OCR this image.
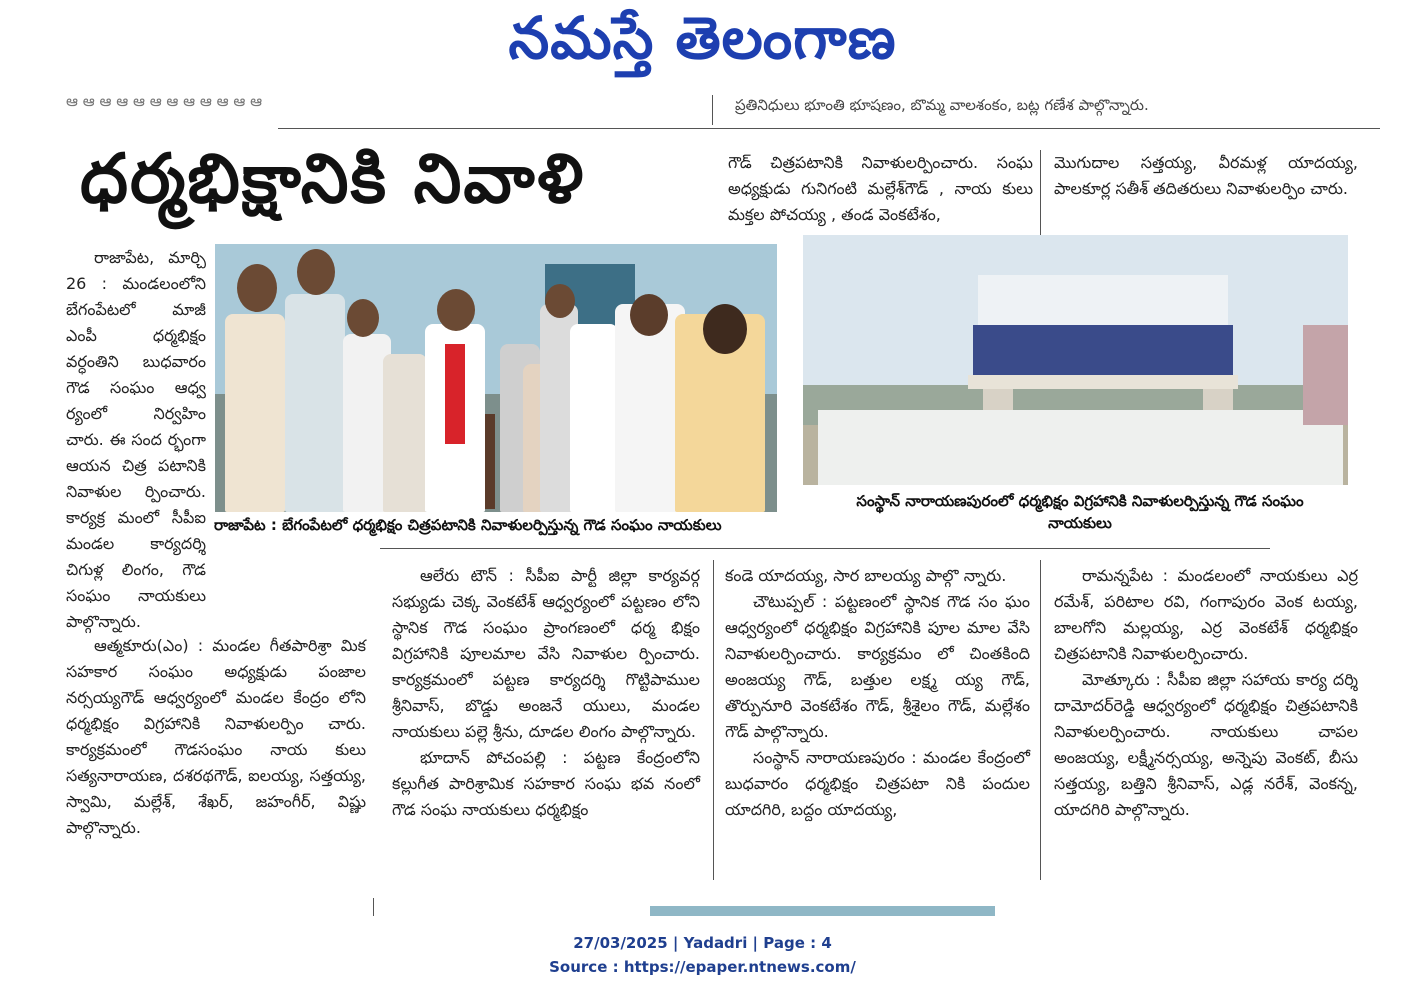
నమస్తే తెలంగాణ
ఆ ఆ ఆ ఆ ఆ ఆ ఆ ఆ ఆ ఆ ఆ ఆ	ప్రతినిధులు భూంతి భూషణం, బొమ్మ వాలశంకం, బట్ల గణేశ పాల్గొన్నారు.
ధర్మభిక్షానికి నివాళి	గౌడ్ చిత్రపటానికి నివాళులర్పించారు. సంఘ అధ్యక్షుడు గునిగంటి మల్లేశ్‌గౌడ్ , నాయ కులు మక్తల పోచయ్య , తండ వెంకటేశం,
మొగుదాల సత్తయ్య, వీరమళ్ల యాదయ్య, పాలకూర్ల సతీశ్ తదితరులు నివాళులర్పిం చారు.

రాజాపేట, మార్చి 26 : మండలంలోని బేగంపేటలో మాజీ ఎంపీ ధర్మభిక్షం వర్ధంతిని బుధవారం గౌడ సంఘం ఆధ్వ ర్యంలో నిర్వహిం చారు. ఈ సంద ర్భంగా ఆయన చిత్ర పటానికి నివాళుల ర్పించారు. కార్యక్ర మంలో సీపీఐ మండల కార్యదర్శి చిగుళ్ల లింగం, గౌడ సంఘం నాయకులు పాల్గొన్నారు.

ఆత్మకూరు(ఎం) : మండల గీతపారిశ్రా మిక సహకార సంఘం అధ్యక్షుడు పంజాల నర్సయ్యగౌడ్ ఆధ్వర్యంలో మండల కేంద్రం లోని ధర్మభిక్షం విగ్రహానికి నివాళులర్పిం చారు. కార్యక్రమంలో గౌడసంఘం నాయ కులు సత్యనారాయణ, దశరథగౌడ్, ఐలయ్య, సత్తయ్య, స్వామి, మల్లేశ్, శేఖర్, జహంగీర్, విష్ణు పాల్గొన్నారు.

రాజాపేట : బేగంపేటలో ధర్మభిక్షం చిత్రపటానికి నివాళులర్పిస్తున్న గౌడ సంఘం నాయకులు
సంస్థాన్ నారాయణపురంలో ధర్మభిక్షం విగ్రహానికి నివాళులర్పిస్తున్న గౌడ సంఘం నాయకులు

ఆలేరు టౌన్ : సీపీఐ పార్టీ జిల్లా కార్యవర్గ సభ్యుడు చెక్క వెంకటేశ్ ఆధ్వర్యంలో పట్టణం లోని స్థానిక గౌడ సంఘం ప్రాంగణంలో ధర్మ భిక్షం విగ్రహానికి పూలమాల వేసి నివాళుల ర్పించారు. కార్యక్రమంలో పట్టణ కార్యదర్శి గొట్టిపాముల శ్రీనివాస్, బొడ్డు అంజనే యులు, మండల నాయకులు పల్లె శ్రీను, దూడల లింగం పాల్గొన్నారు.

భూదాన్ పోచంపల్లి : పట్టణ కేంద్రంలోని కల్లుగీత పారిశ్రామిక సహకార సంఘ భవ నంలో గౌడ సంఘ నాయకులు ధర్మభిక్షం

కండె యాదయ్య, సార బాలయ్య పాల్గొ న్నారు.

చౌటుప్పల్ : పట్టణంలో స్థానిక గౌడ సం ఘం ఆధ్వర్యంలో ధర్మభిక్షం విగ్రహానికి పూల మాల వేసి నివాళులర్పించారు. కార్యక్రమం లో చింతకింది అంజయ్య గౌడ్, బత్తుల లక్ష్మ య్య గౌడ్, తొర్పునూరి వెంకటేశం గౌడ్, శ్రీశైలం గౌడ్, మల్లేశం గౌడ్ పాల్గొన్నారు.

సంస్థాన్ నారాయణపురం : మండల కేంద్రంలో బుధవారం ధర్మభిక్షం చిత్రపటా నికి పందుల యాదగిరి, బద్దం యాదయ్య,

రామన్నపేట : మండలంలో నాయకులు ఎర్ర రమేశ్, పరిటాల రవి, గంగాపురం వెంక టయ్య, బాలగోని మల్లయ్య, ఎర్ర వెంకటేశ్ ధర్మభిక్షం చిత్రపటానికి నివాళులర్పించారు.

మోత్కూరు : సీపీఐ జిల్లా సహాయ కార్య దర్శి దామోదర్‌రెడ్డి ఆధ్వర్యంలో ధర్మభిక్షం చిత్రపటానికి నివాళులర్పించారు. నాయకులు చాపల అంజయ్య, లక్ష్మీనర్సయ్య, అన్నెపు వెంకట్, బీసు సత్తయ్య, బత్తిని శ్రీనివాస్, ఎడ్ల నరేశ్, వెంకన్న, యాదగిరి పాల్గొన్నారు.

27/03/2025 | Yadadri | Page : 4
Source : https://epaper.ntnews.com/
